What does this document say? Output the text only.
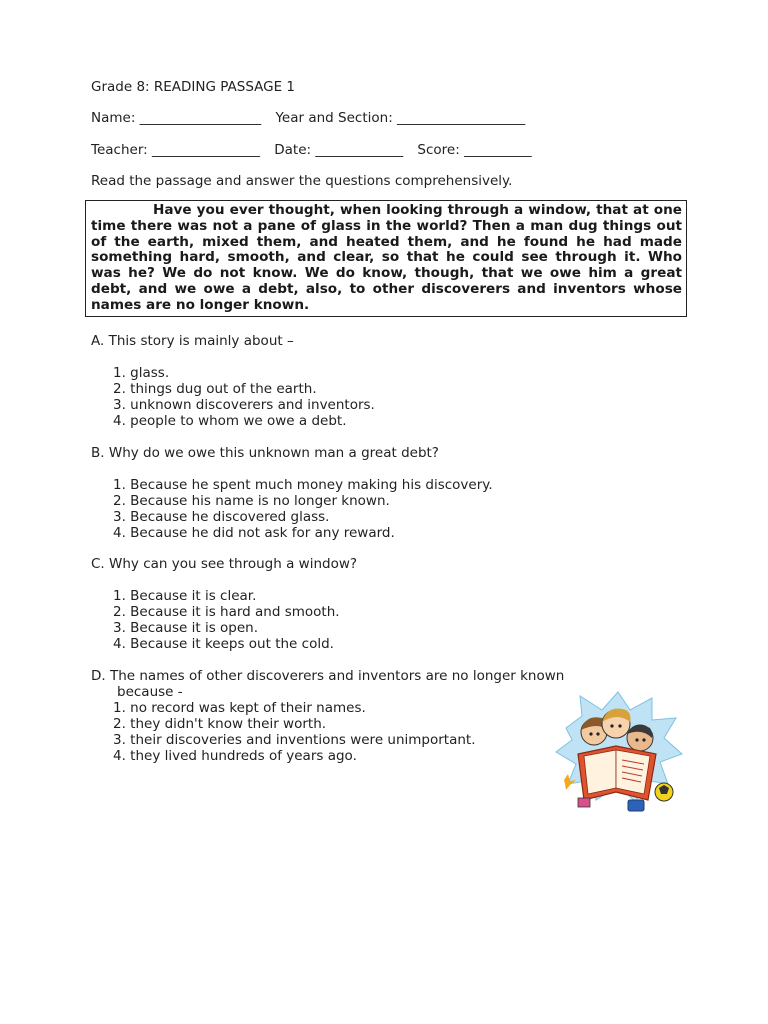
Grade 8: READING PASSAGE 1
Name: __________________ Year and Section: ___________________
Teacher: ________________ Date: _____________ Score: __________
Read the passage and answer the questions comprehensively.
Have you ever thought, when looking through a window, that at one time there was not a pane of glass in the world? Then a man dug things out of the earth, mixed them, and heated them, and he found he had made something hard, smooth, and clear, so that he could see through it. Who was he? We do not know. We do know, though, that we owe him a great debt, and we owe a debt, also, to other discoverers and inventors whose names are no longer known.

A. This story is mainly about –

1. glass.
2. things dug out of the earth.
3. unknown discoverers and inventors.
4. people to whom we owe a debt.

B. Why do we owe this unknown man a great debt?

1. Because he spent much money making his discovery.
2. Because his name is no longer known.
3. Because he discovered glass.
4. Because he did not ask for any reward.

C. Why can you see through a window?

1. Because it is clear.
2. Because it is hard and smooth.
3. Because it is open.
4. Because it keeps out the cold.

D. The names of other discoverers and inventors are no longer known

because -

1. no record was kept of their names.
2. they didn't know their worth.
3. their discoveries and inventions were unimportant.
4. they lived hundreds of years ago.
